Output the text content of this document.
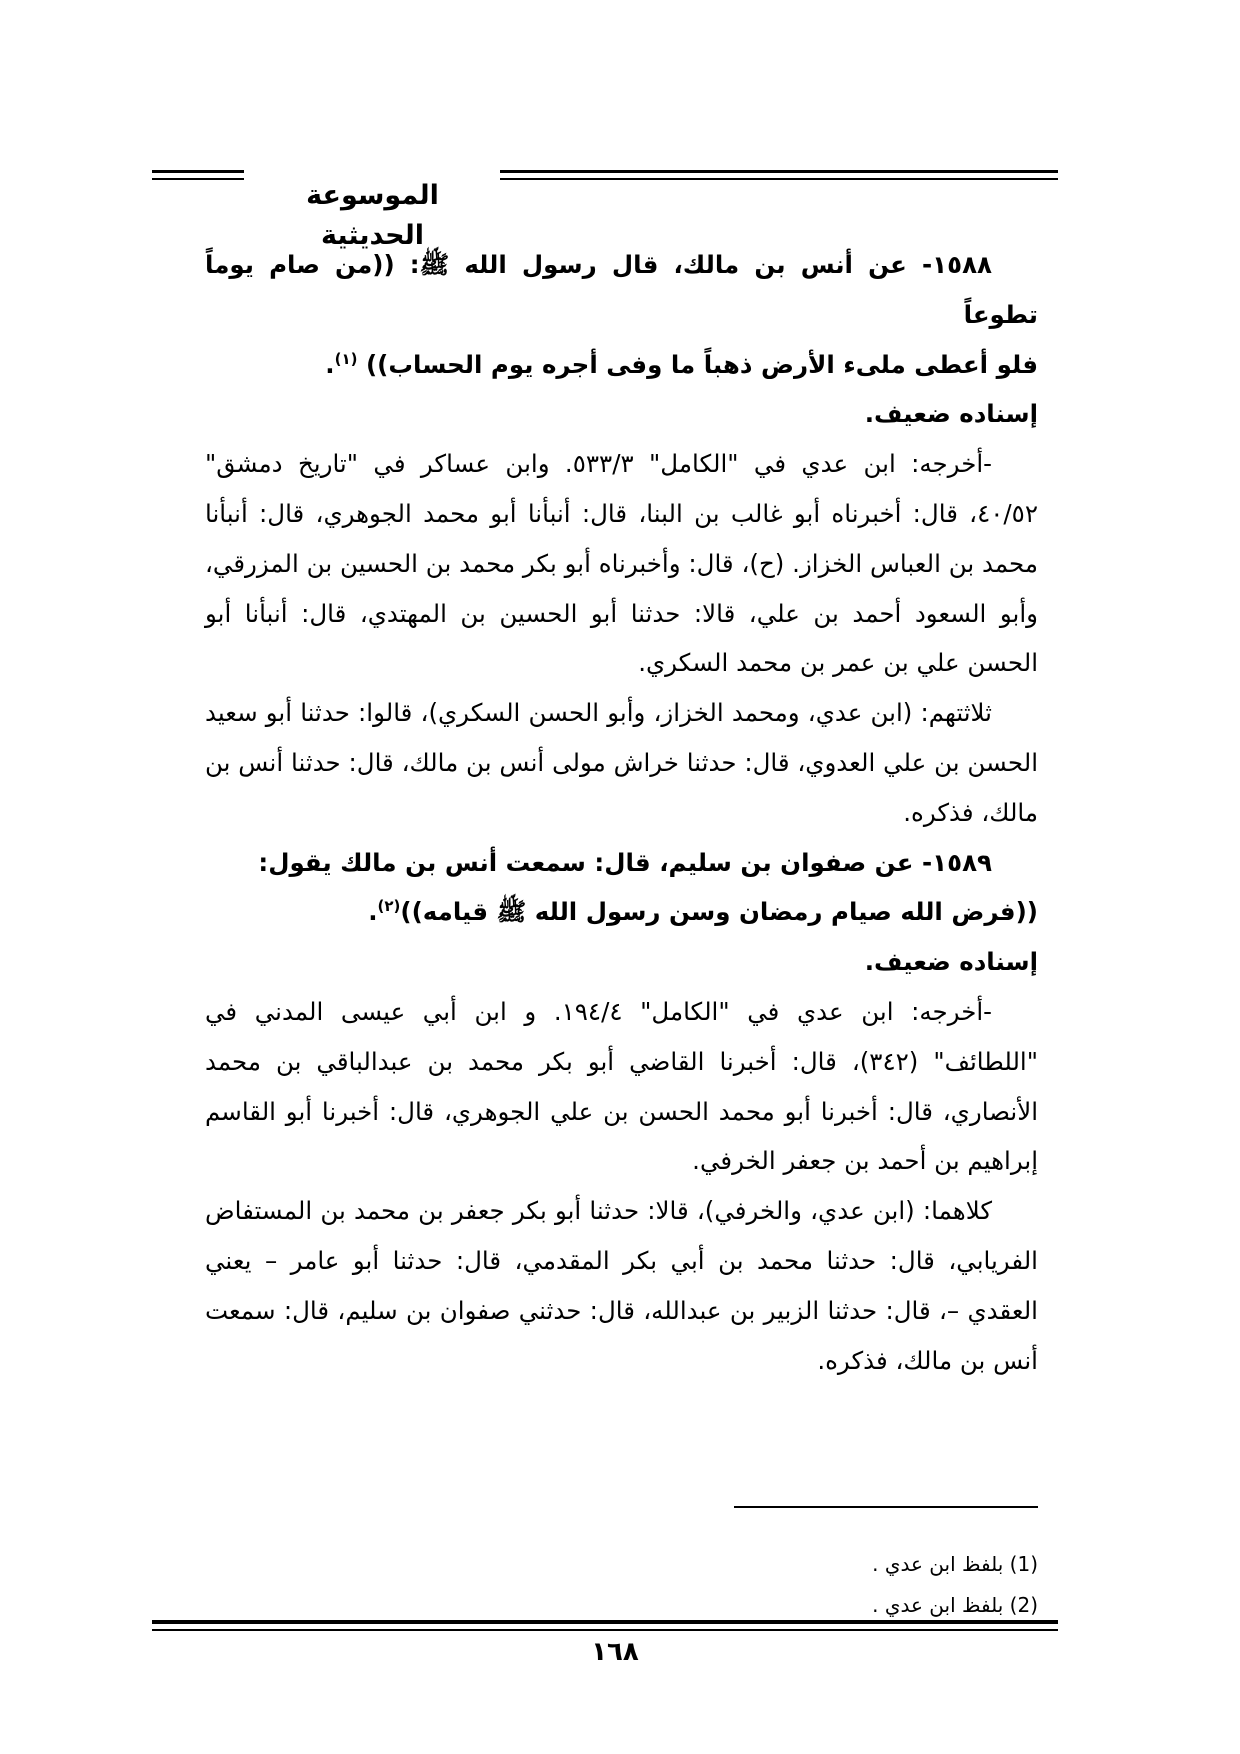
الموسوعة الحديثية

١٥٨٨- عن أنس بن مالك، قال رسول الله ﷺ: ((من صام يوماً تطوعاً

فلو أعطى ملىء الأرض ذهباً ما وفى أجره يوم الحساب)) $^{(١)}$.

إسناده ضعيف.

-أخرجه: ابن عدي في "الكامل" ٥٣٣/٣. وابن عساكر في "تاريخ دمشق" ٤٠/٥٢، قال: أخبرناه أبو غالب بن البنا، قال: أنبأنا أبو محمد الجوهري، قال: أنبأنا محمد بن العباس الخزاز. (ح)، قال: وأخبرناه أبو بكر محمد بن الحسين بن المزرقي، وأبو السعود أحمد بن علي، قالا: حدثنا أبو الحسين بن المهتدي، قال: أنبأنا أبو الحسن علي بن عمر بن محمد السكري.

ثلاثتهم: (ابن عدي، ومحمد الخزاز، وأبو الحسن السكري)، قالوا: حدثنا أبو سعيد الحسن بن علي العدوي، قال: حدثنا خراش مولى أنس بن مالك، قال: حدثنا أنس بن مالك، فذكره.

١٥٨٩- عن صفوان بن سليم، قال: سمعت أنس بن مالك يقول:

((فرض الله صيام رمضان وسن رسول الله ﷺ قيامه))$^{(٢)}$.

إسناده ضعيف.

-أخرجه: ابن عدي في "الكامل" ١٩٤/٤. و ابن أبي عيسى المدني في "اللطائف" (٣٤٢)، قال: أخبرنا القاضي أبو بكر محمد بن عبدالباقي بن محمد الأنصاري، قال: أخبرنا أبو محمد الحسن بن علي الجوهري، قال: أخبرنا أبو القاسم إبراهيم بن أحمد بن جعفر الخرفي.

كلاهما: (ابن عدي، والخرفي)، قالا: حدثنا أبو بكر جعفر بن محمد بن المستفاض الفريابي، قال: حدثنا محمد بن أبي بكر المقدمي، قال: حدثنا أبو عامر – يعني العقدي –، قال: حدثنا الزبير بن عبدالله، قال: حدثني صفوان بن سليم، قال: سمعت أنس بن مالك، فذكره.

(1) بلفظ ابن عدي .
(2) بلفظ ابن عدي .
١٦٨
